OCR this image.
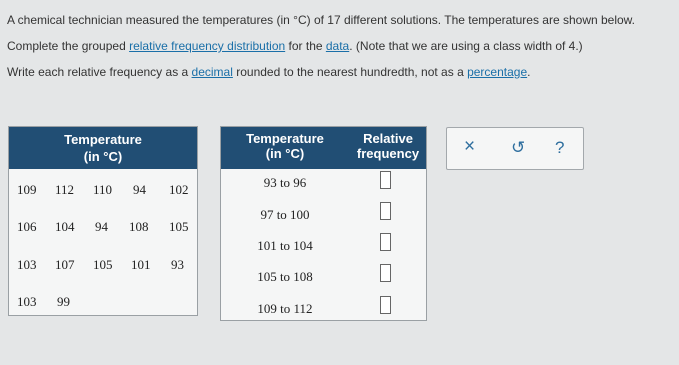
A chemical technician measured the temperatures (in °C) of 17 different solutions. The temperatures are shown below.

Complete the grouped relative frequency distribution for the data. (Note that we are using a class width of 4.)

Write each relative frequency as a decimal rounded to the nearest hundredth, not as a percentage.

Temperature
(in °C)
109 112 110 94 102
106 104 94 108 105
103 107 105 101 93
103 99
Temperature
(in °C)
Relative
frequency
93 to 96
97 to 100
101 to 104
105 to 108
109 to 112
× ↺ ?
